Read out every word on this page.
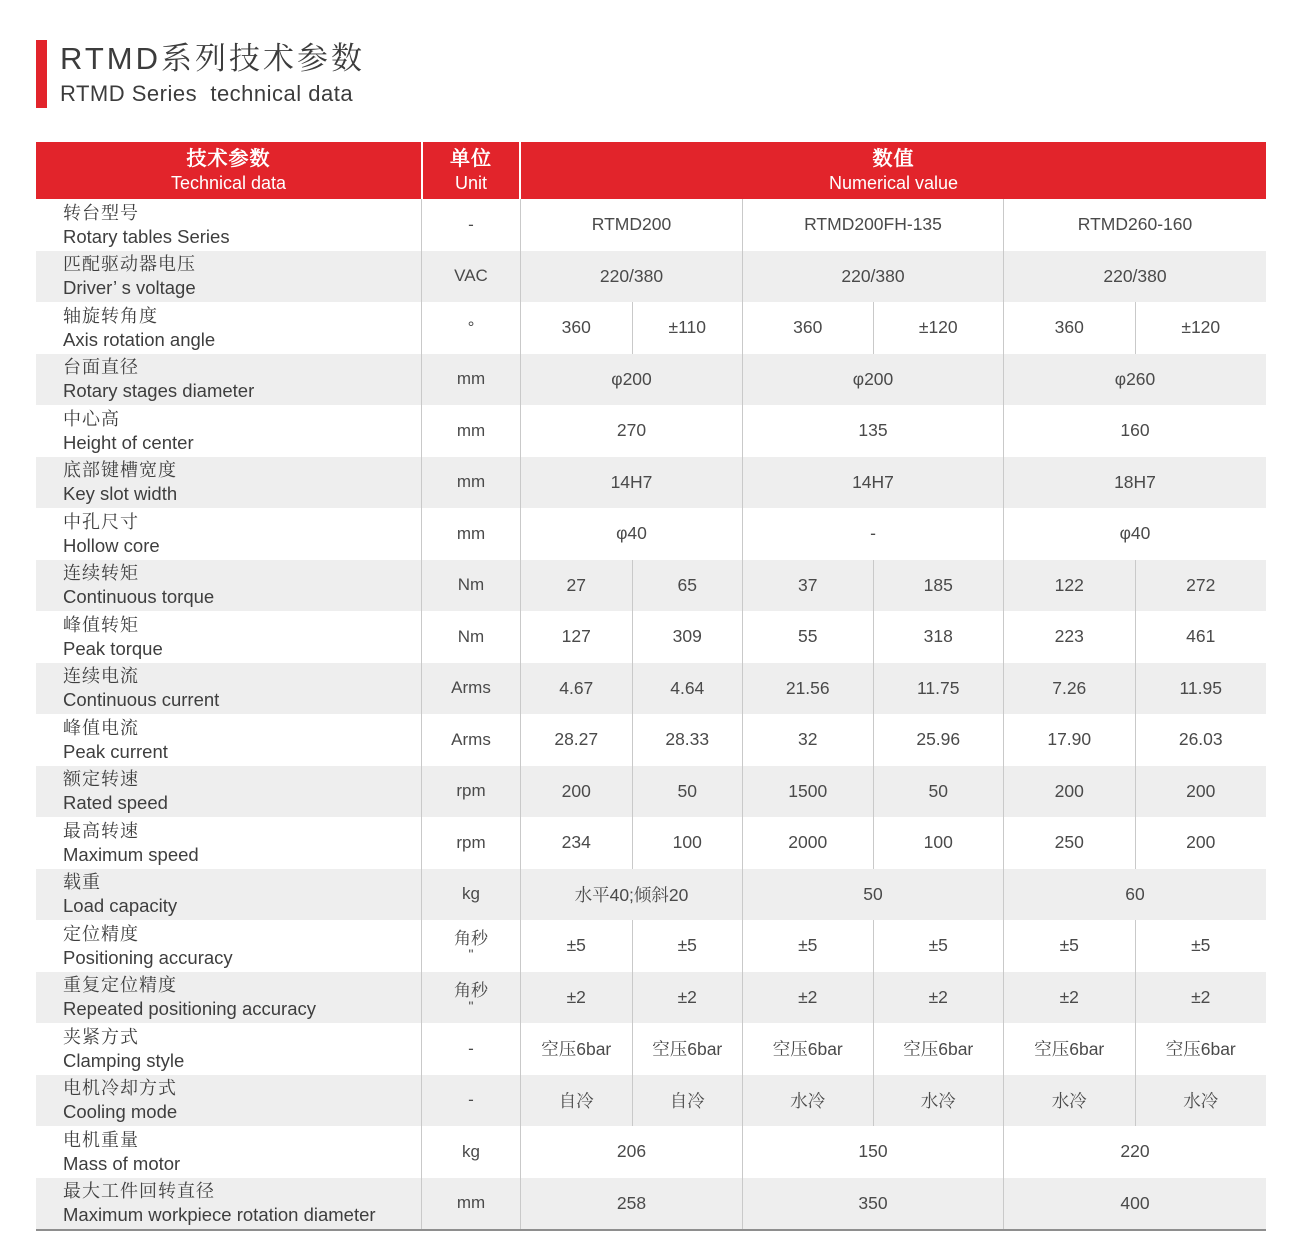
RTMD系列技术参数
RTMD Series  technical data
技术参数
Technical data
单位
Unit
数值
Numerical value
转台型号
Rotary tables Series
-	RTMD200	RTMD200FH-135	RTMD260-160
匹配驱动器电压
Driver’ s voltage
VAC	220/380	220/380	220/380
轴旋转角度
Axis rotation angle
°	360	±110	360	±120	360	±120
台面直径
Rotary stages diameter
mm	φ200	φ200	φ260
中心高
Height of center
mm	270	135	160
底部键槽宽度
Key slot width
mm	14H7	14H7	18H7
中孔尺寸
Hollow core
mm	φ40	-	φ40
连续转矩
Continuous torque
Nm	27	65	37	185	122	272
峰值转矩
Peak torque
Nm	127	309	55	318	223	461
连续电流
Continuous current
Arms	4.67	4.64	21.56	11.75	7.26	11.95
峰值电流
Peak current
Arms	28.27	28.33	32	25.96	17.90	26.03
额定转速
Rated speed
rpm	200	50	1500	50	200	200
最高转速
Maximum speed
rpm	234	100	2000	100	250	200
载重
Load capacity
kg	水平40;倾斜20	50	60
定位精度
Positioning accuracy
角秒
"	±5	±5	±5	±5	±5	±5
重复定位精度
Repeated positioning accuracy
角秒
"	±2	±2	±2	±2	±2	±2
夹紧方式
Clamping style
-	空压6bar	空压6bar	空压6bar	空压6bar	空压6bar	空压6bar
电机冷却方式
Cooling mode
-	自冷	自冷	水冷	水冷	水冷	水冷
电机重量
Mass of motor
kg	206	150	220
最大工件回转直径
Maximum workpiece rotation diameter
mm	258	350	400
